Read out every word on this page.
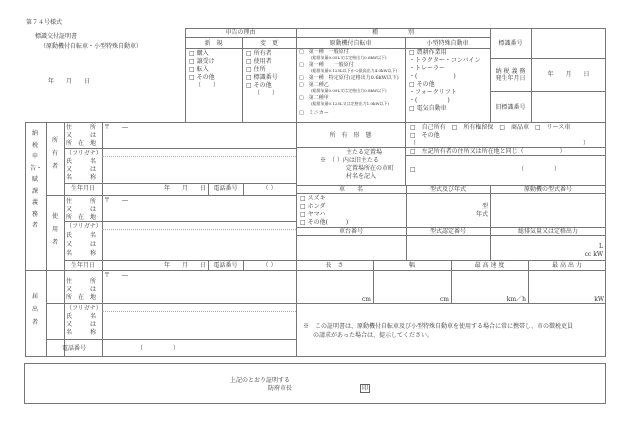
第７４号様式
標識交付証明書
（原動機付自転車・小型特殊自動車）
年　　月　　日
申告の理由
新　規	変　更
□ 購入
□ 譲受け
□ 転入
□ その他
（　　）
□ 所有者
□ 使用者
□ 住所
□ 標識番号
□ その他
（　　）
種　　　　　別
原動機付自転車	小型特殊自動車
□　第一種　一般原付
(総排気量0.05L又は定格出力0.6kW以下)
□　第一種　　一般原付
(総排気量0.125L以下かつ最高出力4.0kW以下)
□　第一種　特定原付(定格出力0.6kW以下)
□　第二種乙
(総排気量0.09L又は定格出力0.8kW以下)
□　第二種甲
(総排気量0.125L又は定格出力1.0kW以下)
□　ミニカー
□ 農耕作業用
・トラクター・コンバイン
・トレーラー
・(　　　　　　)
□ その他
・フォークリフト
・(　　　　　)
□ 電気自動車
標識番号
納 税 義 務
発生年月日
年　　月　　日
旧標識番号
納税申告・賦課義務者
所有者
使用者
届出者
住　　　所
又　　　は
所　在　地
〒　　―
（フリガナ）
氏　　　名
又　　　は
名　　　称
生年月日	年　　月　　日	電話番号	（ ）
住　　　所
又　　　は
所　在　地
〒　　―
（フリガナ）
氏　　　名
又　　　は
名　　　称
生年月日	年　　月　　日	電話番号	（ ）
住　　　所
又　　　は
所　在　地
〒　　―
（フリガナ）
氏　　　名
又　　　は
名　　　称
電話番号	（　　　　　）
所　有　形　態
□　自己所有　□　所有権留保　□　商品車　□　リース車
□　その他
（	）
主たる定置場
※　（ ）内は旧主たる
定置場所在の市町
村名を記入
□　左記所有者の住所又は所在地と同じ（　　　　　　）
□	（　　　　　）
車　　名	型式及び年式	原動機の型式番号
□ スズキ
□ ホンダ
□ ヤマハ
□ その他(　　　)
型
年式
車台番号	型式認定番号	総排気量又は定格出力
L
cc kW
長　さ	幅	最 高 速 度	最 高 出 力
cm	cm	km／h	kW
※　この証明書は、原動機付自転車及び小型特殊自動車を使用する場合に常に携帯し、市の徴税吏員
の請求があった場合は、提示してください。
上記のとおり証明する
防府市長	印
